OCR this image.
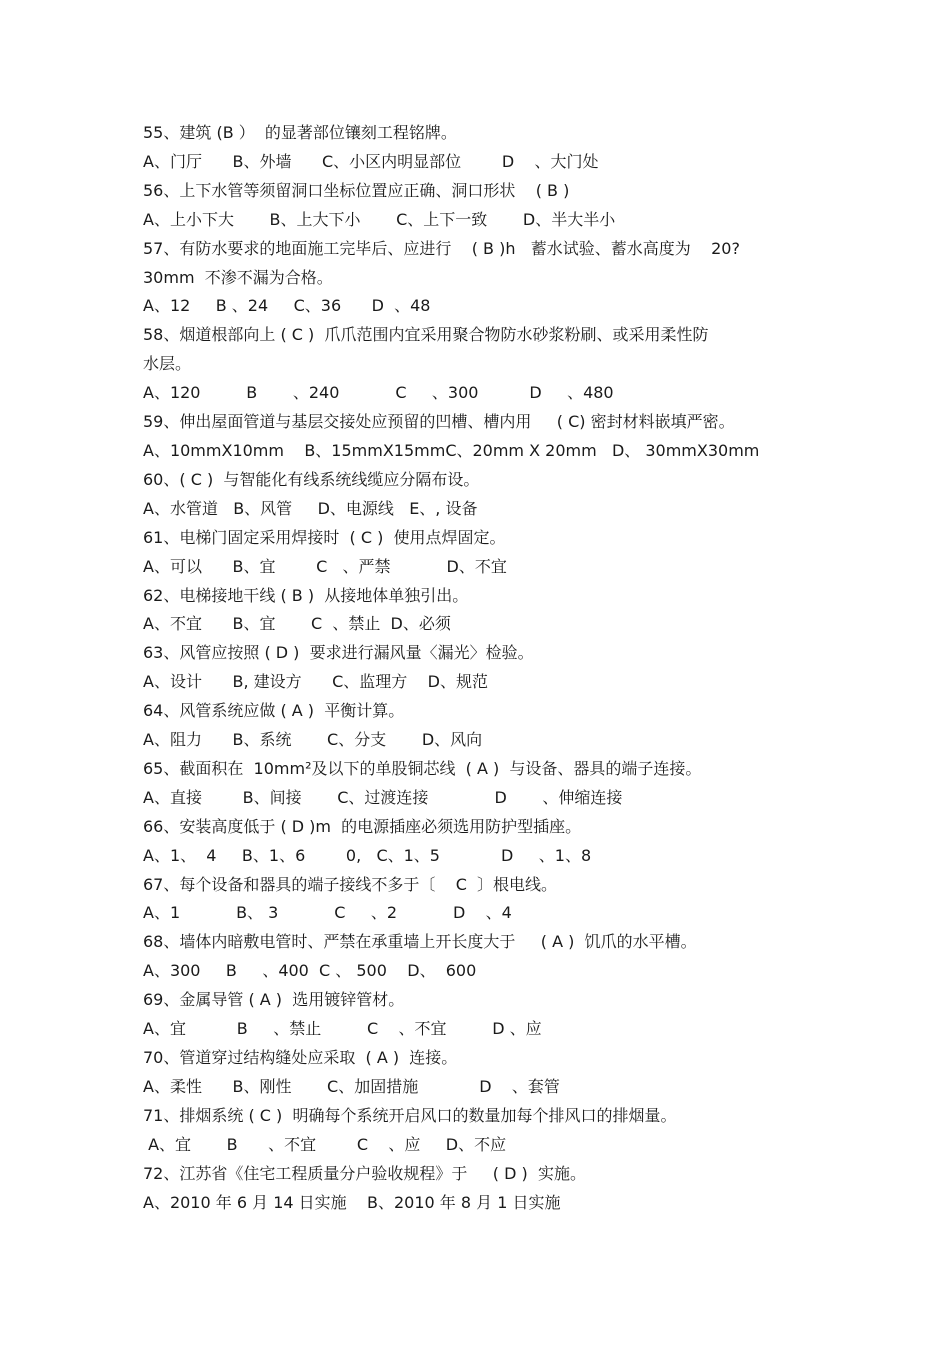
55、建筑 (B ）  的显著部位镶刻工程铭牌。
A、门厅      B、外墙      C、小区内明显部位        D    、大门处
56、上下水管等须留洞口坐标位置应正确、洞口形状    ( B )
A、上小下大       B、上大下小       C、上下一致       D、半大半小
57、有防水要求的地面施工完毕后、应进行    ( B )h   蓄水试验、蓄水高度为    20?
30mm  不渗不漏为合格。
A、12     B 、24     C、36      D  、48
58、烟道根部向上 ( C )  爪爪范围内宜采用聚合物防水砂浆粉刷、或采用柔性防
水层。
A、120         B       、240           C     、300          D     、480
59、伸出屋面管道与基层交接处应预留的凹槽、槽内用     ( C) 密封材料嵌填严密。
A、10mmX10mm    B、15mmX15mmC、20mm X 20mm   D、 30mmX30mm
60、( C )  与智能化有线系统线缆应分隔布设。
A、水管道   B、风管     D、电源线   E、, 设备
61、电梯门固定采用焊接时  ( C )  使用点焊固定。
A、可以      B、宜        C   、严禁           D、不宜
62、电梯接地干线 ( B )  从接地体单独引出。
A、不宜      B、宜       C  、禁止  D、必须
63、风管应按照 ( D )  要求进行漏风量〈漏光〉检验。
A、设计      B, 建设方      C、监理方    D、规范
64、风管系统应做 ( A )  平衡计算。
A、阻力      B、系统       C、分支       D、风向
65、截面积在  10mm²及以下的单股铜芯线  ( A )  与设备、器具的端子连接。
A、直接        B、间接       C、过渡连接             D       、伸缩连接
66、安装高度低于 ( D )m  的电源插座必须选用防护型插座。
A、1、  4     B、1、6        0,   C、1、5            D     、1、8
67、每个设备和器具的端子接线不多于〔    C  〕根电线。
A、1           B、 3           C     、2           D    、4
68、墙体内暗敷电管时、严禁在承重墙上开长度大于     ( A )  饥爪的水平槽。
A、300     B     、400  C 、 500    D、  600
69、金属导管 ( A )  选用镀锌管材。
A、宜          B     、禁止         C    、不宜         D 、应
70、管道穿过结构缝处应采取  ( A )  连接。
A、柔性      B、刚性       C、加固措施            D    、套管
71、排烟系统 ( C )  明确每个系统开启风口的数量加每个排风口的排烟量。
A、宜       B      、不宜        C    、应     D、不应
72、江苏省《住宅工程质量分户验收规程》于     ( D )  实施。
A、2010 年 6 月 14 日实施    B、2010 年 8 月 1 日实施
